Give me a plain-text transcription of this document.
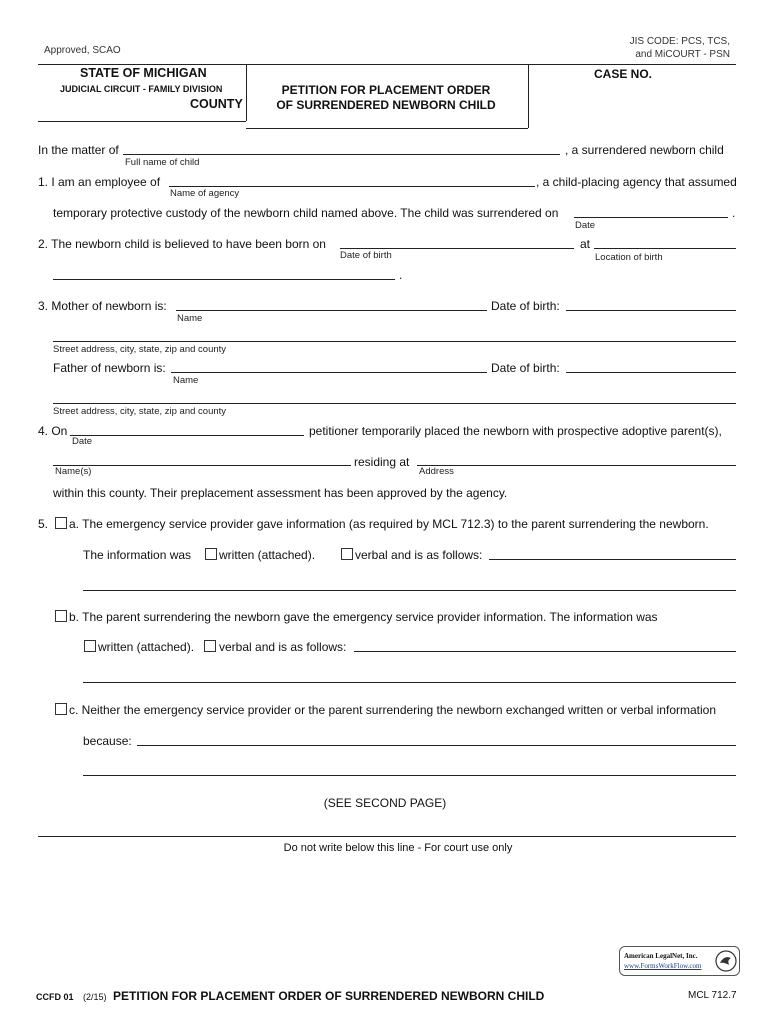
Approved, SCAO
JIS CODE: PCS, TCS,
and MiCOURT - PSN
STATE OF MICHIGAN
JUDICIAL CIRCUIT - FAMILY DIVISION
COUNTY
PETITION FOR PLACEMENT ORDER
OF SURRENDERED NEWBORN CHILD
CASE NO.
In the matter of	, a surrendered newborn child
Full name of child
1. I am an employee of	, a child-placing agency that assumed
Name of agency
temporary protective custody of the newborn child named above. The child was surrendered on	.
Date
2. The newborn child is believed to have been born on	at
Date of birth	Location of birth
.
3. Mother of newborn is:	Date of birth:
Name
Street address, city, state, zip and county
Father of newborn is:	Date of birth:
Name
Street address, city, state, zip and county
4. On	petitioner temporarily placed the newborn with prospective adoptive parent(s),
Date
residing at
Name(s)	Address
within this county. Their preplacement assessment has been approved by the agency.
5. a. The emergency service provider gave information (as required by MCL 712.3) to the parent surrendering the newborn.
The information was written (attached).	verbal and is as follows:
b. The parent surrendering the newborn gave the emergency service provider information. The information was
written (attached). verbal and is as follows:
c. Neither the emergency service provider or the parent surrendering the newborn exchanged written or verbal information
because:
(SEE SECOND PAGE)
Do not write below this line - For court use only
American LegalNet, Inc.
www.FormsWorkFlow.com
CCFD 01 (2/15) PETITION FOR PLACEMENT ORDER OF SURRENDERED NEWBORN CHILD	MCL 712.7
